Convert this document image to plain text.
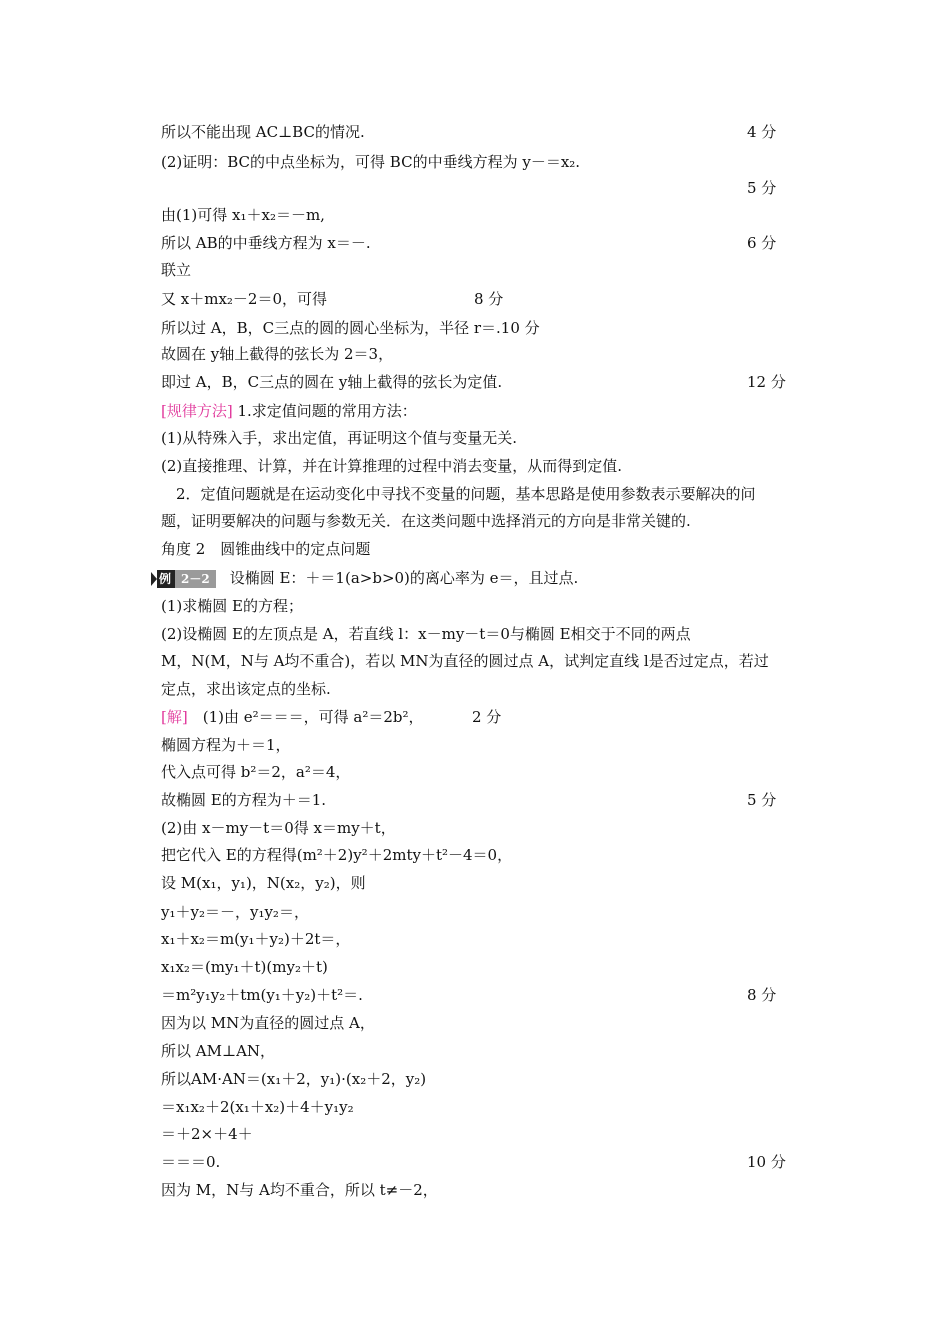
所以不能出现 AC⊥BC的情况.	4 分
(2)证明：BC的中点坐标为，可得 BC的中垂线方程为 y－＝x₂.
5 分
由(1)可得 x₁＋x₂＝－m,
所以 AB的中垂线方程为 x＝－.	6 分
联立
又 x＋mx₂－2＝0，可得	8 分
所以过 A，B，C三点的圆的圆心坐标为，半径 r＝.10 分
故圆在 y轴上截得的弦长为 2＝3，
即过 A，B，C三点的圆在 y轴上截得的弦长为定值.	12 分
[规律方法] 1.求定值问题的常用方法：
(1)从特殊入手，求出定值，再证明这个值与变量无关.
(2)直接推理、计算，并在计算推理的过程中消去变量，从而得到定值.
　2．定值问题就是在运动变化中寻找不变量的问题，基本思路是使用参数表示要解决的问
题，证明要解决的问题与参数无关．在这类问题中选择消元的方向是非常关键的.
角度 2　圆锥曲线中的定点问题
例 2－2 设椭圆 E：＋＝1(a>b>0)的离心率为 e＝，且过点.
(1)求椭圆 E的方程；
(2)设椭圆 E的左顶点是 A，若直线 l：x－my－t＝0与椭圆 E相交于不同的两点
M，N(M，N与 A均不重合)，若以 MN为直径的圆过点 A，试判定直线 l是否过定点，若过
定点，求出该定点的坐标.
[解]　(1)由 e²＝＝＝，可得 a²＝2b²，	2 分
椭圆方程为＋＝1，
代入点可得 b²＝2，a²＝4，
故椭圆 E的方程为＋＝1.	5 分
(2)由 x－my－t＝0得 x＝my＋t，
把它代入 E的方程得(m²＋2)y²＋2mty＋t²－4＝0，
设 M(x₁，y₁)，N(x₂，y₂)，则
y₁＋y₂＝－，y₁y₂＝，
x₁＋x₂＝m(y₁＋y₂)＋2t＝，
x₁x₂＝(my₁＋t)(my₂＋t)
＝m²y₁y₂＋tm(y₁＋y₂)＋t²＝.	8 分
因为以 MN为直径的圆过点 A，
所以 AM⊥AN，
所以AM·AN＝(x₁＋2，y₁)·(x₂＋2，y₂)
＝x₁x₂＋2(x₁＋x₂)＋4＋y₁y₂
＝＋2×＋4＋
＝＝＝0.	10 分
因为 M，N与 A均不重合，所以 t≠－2，
